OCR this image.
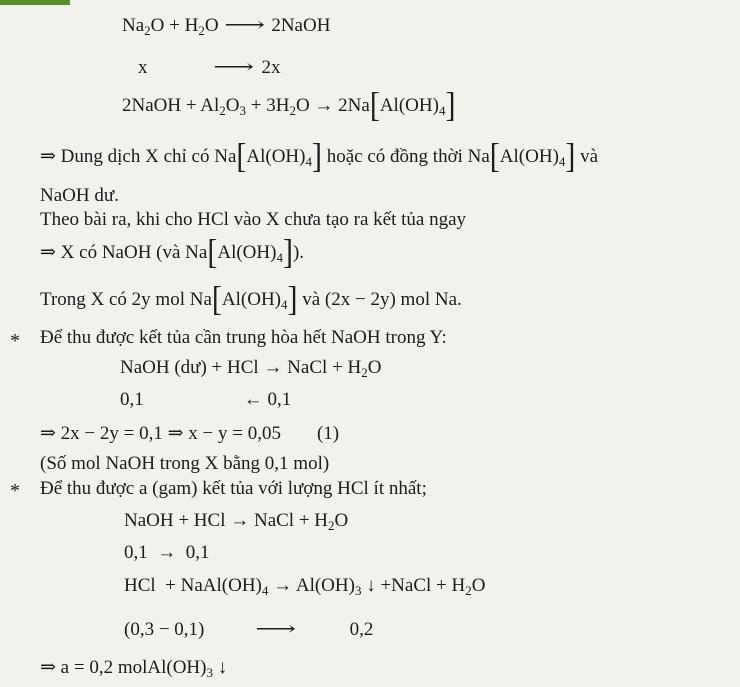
$Na_2O + H_2O$ ⟶ 2NaOH
x	⟶ 2x
2NaOH + $Al_2O_3 + 3H_2O \to 2Na[Al(OH)_4]$
⇒ Dung dịch X chỉ có $Na[Al(OH)_4]$ hoặc có đồng thời $Na[Al(OH)_4]$ và
NaOH dư.
Theo bài ra, khi cho HCl vào X chưa tạo ra kết tủa ngay
⇒ X có NaOH (và $Na[Al(OH)_4]$).
Trong X có 2y mol $Na[Al(OH)_4]$ và (2x − 2y) mol Na.
* Để thu được kết tủa cần trung hòa hết NaOH trong Y:
NaOH (dư) + HCl → NaCl + $H_2O$
0,1	← 0,1
⇒ 2x − 2y = 0,1 ⇒ x − y = 0,05 (1)
(Số mol NaOH trong X bằng 0,1 mol)
* Để thu được a (gam) kết tủa với lượng HCl ít nhất;
NaOH + HCl → NaCl + $H_2O$
0,1  →  0,1
HCl  + $NaAl(OH)_4 \to Al(OH)_3$ ↓ +NaCl + $H_2O$
(0,3 − 0,1)	⟶	0,2
⇒ a = 0,2 $molAl(OH)_3$ ↓
